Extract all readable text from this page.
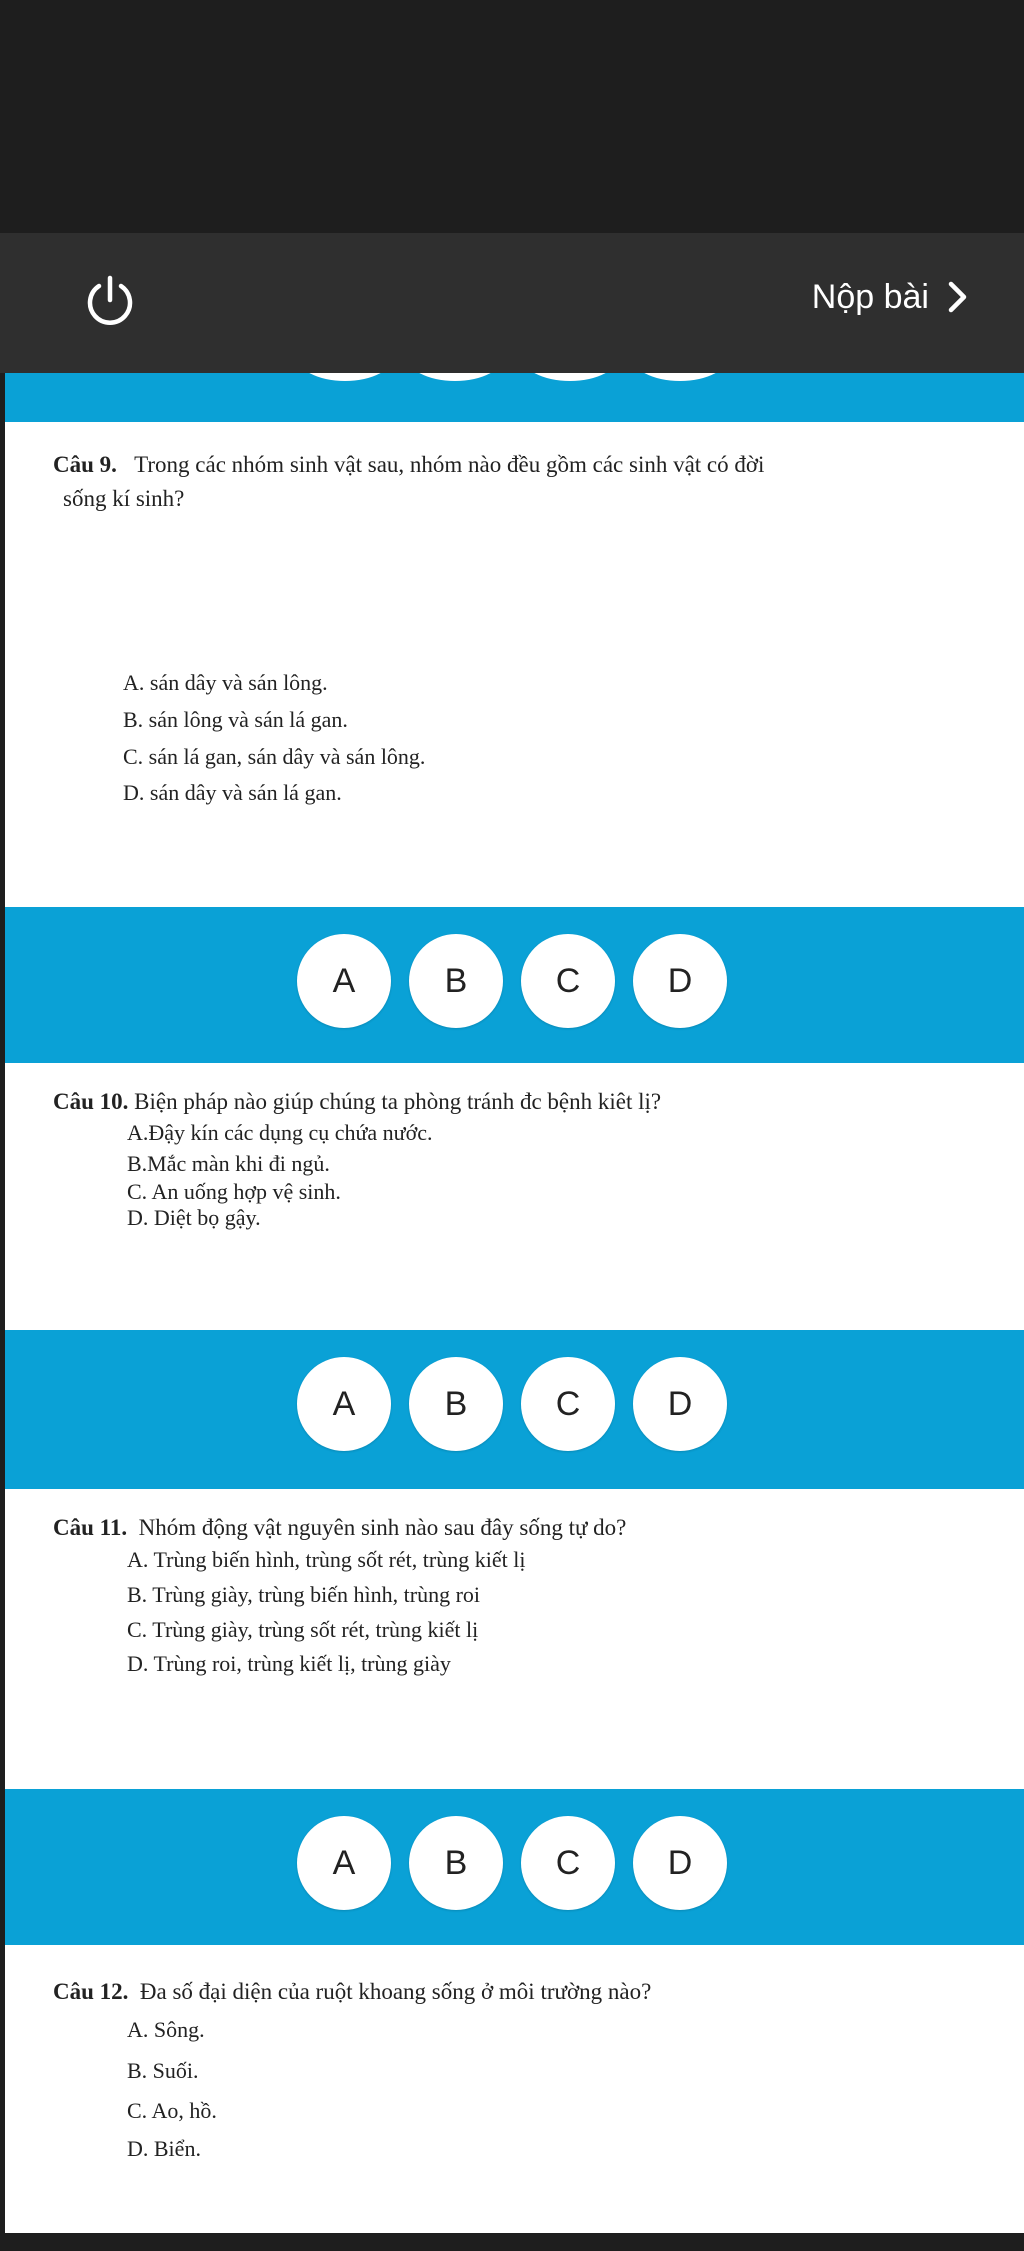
Nộp bài
Câu 9. Trong các nhóm sinh vật sau, nhóm nào đều gồm các sinh vật có đời
sống kí sinh?
A. sán dây và sán lông.
B. sán lông và sán lá gan.
C. sán lá gan, sán dây và sán lông.
D. sán dây và sán lá gan.
A	B	C	D
Câu 10. Biện pháp nào giúp chúng ta phòng tránh đc bệnh kiêt lị?
A.Đậy kín các dụng cụ chứa nước.
B.Mắc màn khi đi ngủ.
C. An uống hợp vệ sinh.
D. Diệt bọ gậy.
A	B	C	D
Câu 11. Nhóm động vật nguyên sinh nào sau đây sống tự do?
A. Trùng biến hình, trùng sốt rét, trùng kiết lị
B. Trùng giày, trùng biến hình, trùng roi
C. Trùng giày, trùng sốt rét, trùng kiết lị
D. Trùng roi, trùng kiết lị, trùng giày
A	B	C	D
Câu 12. Đa số đại diện của ruột khoang sống ở môi trường nào?
A. Sông.
B. Suối.
C. Ao, hồ.
D. Biển.
